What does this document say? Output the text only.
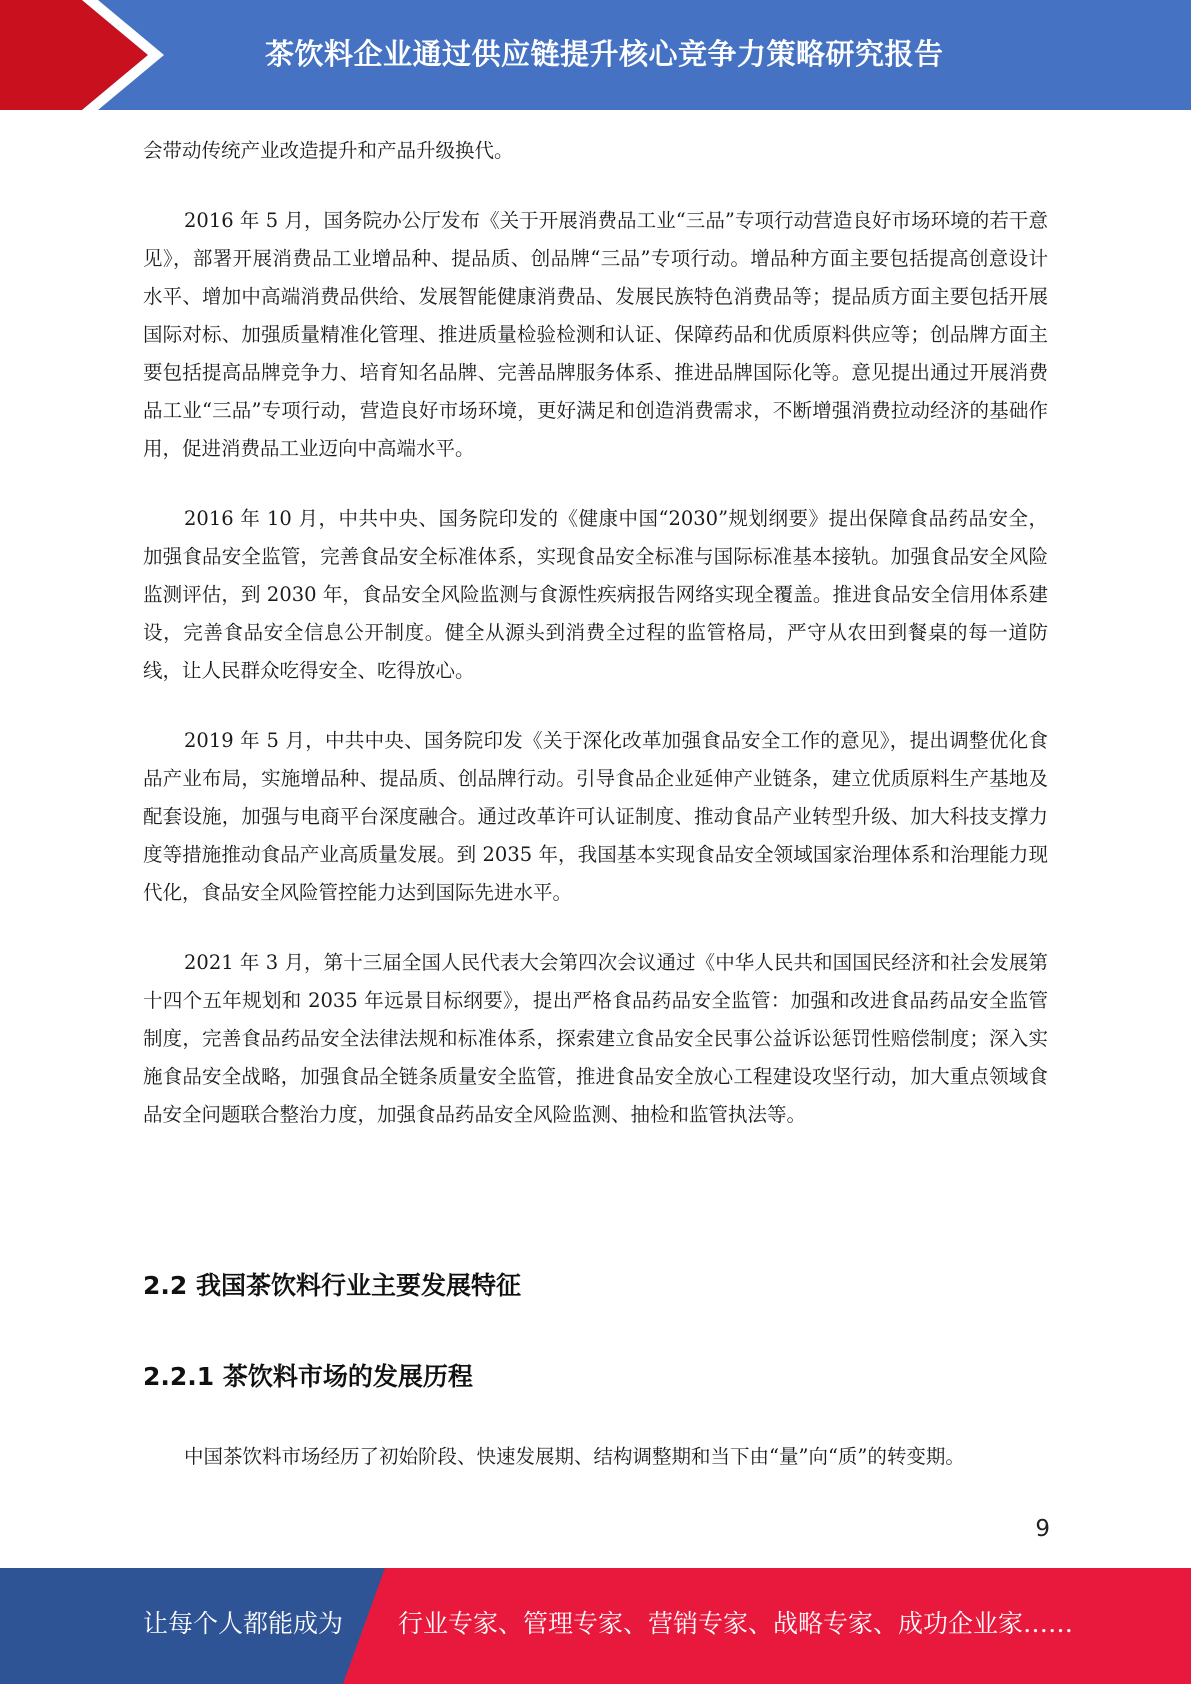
茶饮料企业通过供应链提升核心竞争力策略研究报告

会带动传统产业改造提升和产品升级换代。

2016 年 5 月，国务院办公厅发布《关于开展消费品工业“三品”专项行动营造良好市场环境的若干意见》，部署开展消费品工业增品种、提品质、创品牌“三品”专项行动。增品种方面主要包括提高创意设计水平、增加中高端消费品供给、发展智能健康消费品、发展民族特色消费品等；提品质方面主要包括开展国际对标、加强质量精准化管理、推进质量检验检测和认证、保障药品和优质原料供应等；创品牌方面主要包括提高品牌竞争力、培育知名品牌、完善品牌服务体系、推进品牌国际化等。意见提出通过开展消费品工业“三品”专项行动，营造良好市场环境，更好满足和创造消费需求，不断增强消费拉动经济的基础作用，促进消费品工业迈向中高端水平。

2016 年 10 月，中共中央、国务院印发的《健康中国“2030”规划纲要》提出保障食品药品安全，加强食品安全监管，完善食品安全标准体系，实现食品安全标准与国际标准基本接轨。加强食品安全风险监测评估，到 2030 年，食品安全风险监测与食源性疾病报告网络实现全覆盖。推进食品安全信用体系建设，完善食品安全信息公开制度。健全从源头到消费全过程的监管格局，严守从农田到餐桌的每一道防线，让人民群众吃得安全、吃得放心。

2019 年 5 月，中共中央、国务院印发《关于深化改革加强食品安全工作的意见》，提出调整优化食品产业布局，实施增品种、提品质、创品牌行动。引导食品企业延伸产业链条，建立优质原料生产基地及配套设施，加强与电商平台深度融合。通过改革许可认证制度、推动食品产业转型升级、加大科技支撑力度等措施推动食品产业高质量发展。到 2035 年，我国基本实现食品安全领域国家治理体系和治理能力现代化，食品安全风险管控能力达到国际先进水平。

2021 年 3 月，第十三届全国人民代表大会第四次会议通过《中华人民共和国国民经济和社会发展第十四个五年规划和 2035 年远景目标纲要》，提出严格食品药品安全监管：加强和改进食品药品安全监管制度，完善食品药品安全法律法规和标准体系，探索建立食品安全民事公益诉讼惩罚性赔偿制度；深入实施食品安全战略，加强食品全链条质量安全监管，推进食品安全放心工程建设攻坚行动，加大重点领域食品安全问题联合整治力度，加强食品药品安全风险监测、抽检和监管执法等。

2.2 我国茶饮料行业主要发展特征
2.2.1 茶饮料市场的发展历程

中国茶饮料市场经历了初始阶段、快速发展期、结构调整期和当下由“量”向“质”的转变期。

9
让每个人都能成为 行业专家、管理专家、营销专家、战略专家、成功企业家……
